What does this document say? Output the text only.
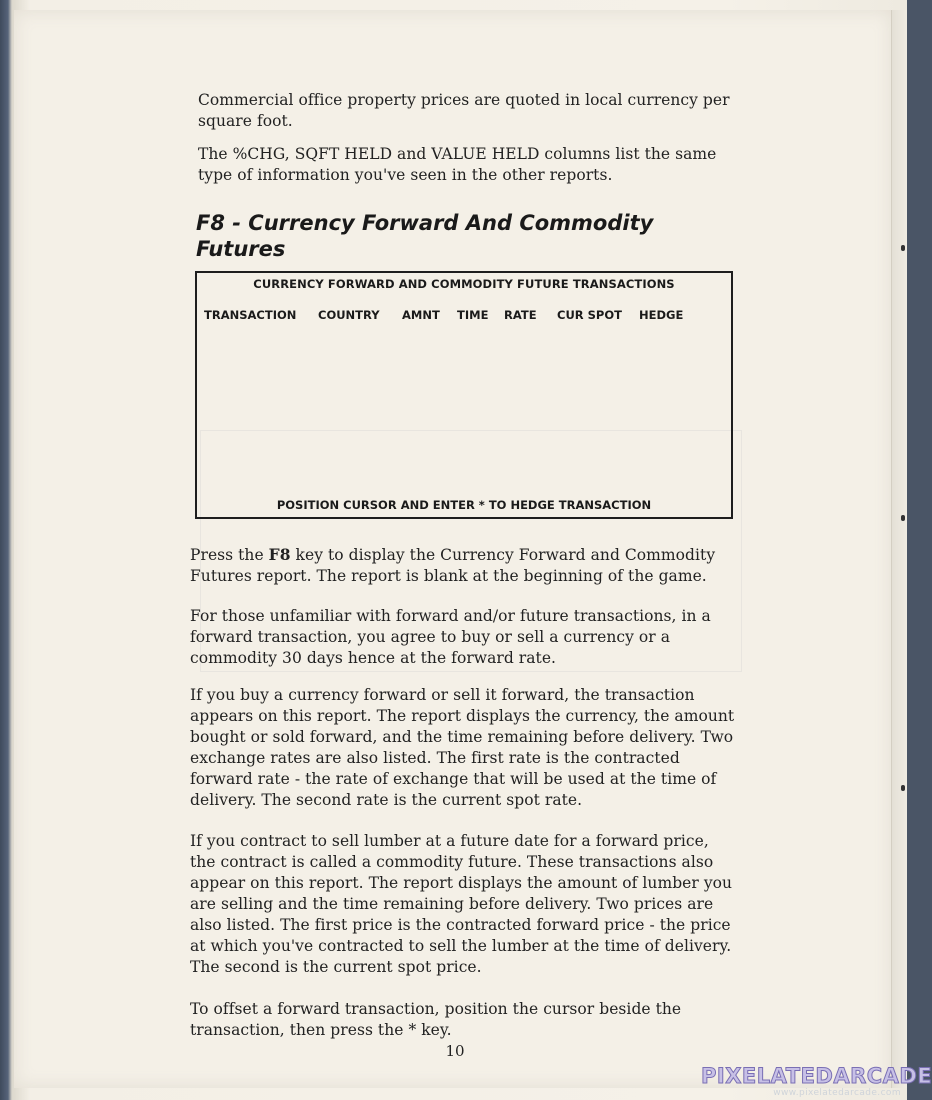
Commercial office property prices are quoted in local currency per square foot.

The %CHG, SQFT HELD and VALUE HELD columns list the same type of information you've seen in the other reports.

F8 - Currency Forward And Commodity Futures
CURRENCY FORWARD AND COMMODITY FUTURE TRANSACTIONS
TRANSACTION	COUNTRY	AMNT	TIME	RATE	CUR SPOT	HEDGE
POSITION CURSOR AND ENTER * TO HEDGE TRANSACTION

Press the F8 key to display the Currency Forward and Commodity Futures report. The report is blank at the beginning of the game.

For those unfamiliar with forward and/or future transactions, in a forward transaction, you agree to buy or sell a currency or a commodity 30 days hence at the forward rate.

If you buy a currency forward or sell it forward, the transaction appears on this report. The report displays the currency, the amount bought or sold forward, and the time remaining before delivery. Two exchange rates are also listed. The first rate is the contracted forward rate - the rate of exchange that will be used at the time of delivery. The second rate is the current spot rate.

If you contract to sell lumber at a future date for a forward price, the contract is called a commodity future. These transactions also appear on this report. The report displays the amount of lumber you are selling and the time remaining before delivery. Two prices are also listed. The first price is the contracted forward price - the price at which you've contracted to sell the lumber at the time of delivery. The second is the current spot price.

To offset a forward transaction, position the cursor beside the transaction, then press the * key.

10
PIXELATEDARCADE
www.pixelatedarcade.com
